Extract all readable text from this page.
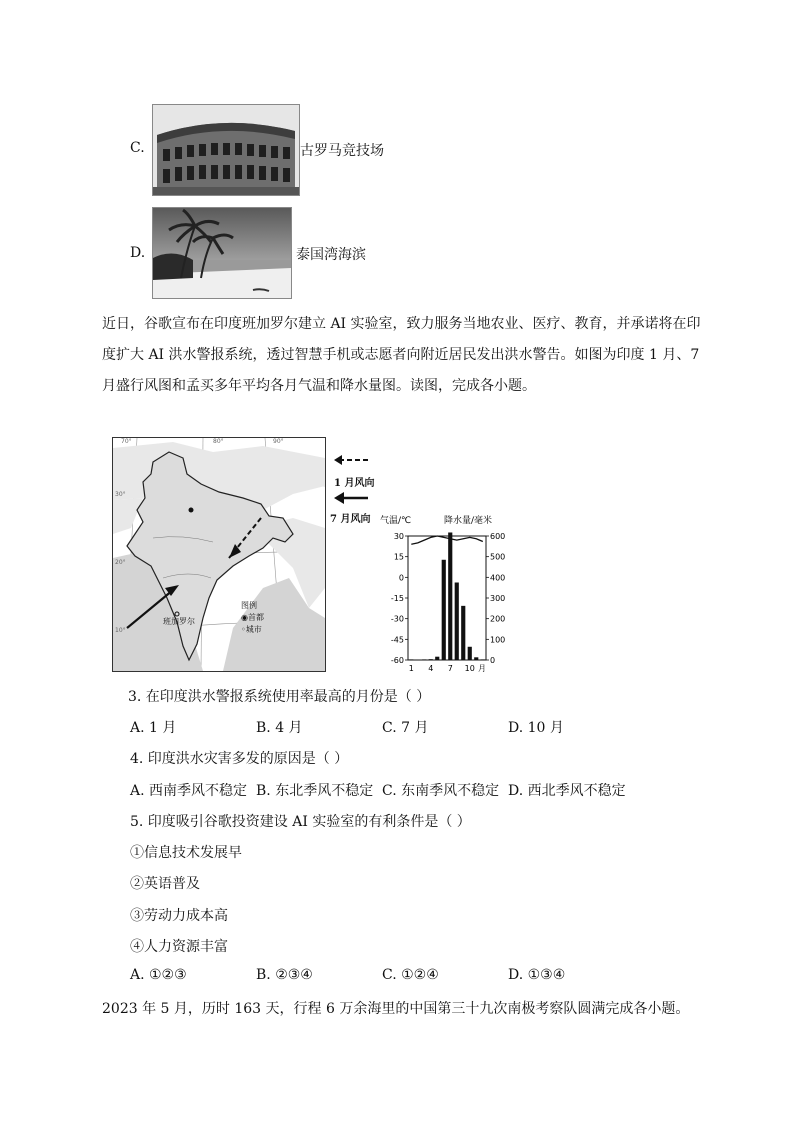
C.	古罗马竞技场
D.	泰国湾海滨
近日，谷歌宣布在印度班加罗尔建立 AI 实验室，致力服务当地农业、医疗、教育，并承诺将在印
度扩大 AI 洪水警报系统，透过智慧手机或志愿者向附近居民发出洪水警告。如图为印度 1 月、7
月盛行风图和孟买多年平均各月气温和降水量图。读图，完成各小题。
70°	80°	90°
30°
20°
10°
班加罗尔
图例
◉首都
◦城市
1 月风向
7 月风向 气温/℃	降水量/毫米
30
15
0
-15
-30
-45
-60
600
500
400
300
200
100
0
1 4 7 10 月
3. 在印度洪水警报系统使用率最高的月份是（ ）
A. 1 月	B. 4 月	C. 7 月	D. 10 月
4. 印度洪水灾害多发的原因是（ ）
A. 西南季风不稳定 B. 东北季风不稳定 C. 东南季风不稳定 D. 西北季风不稳定
5. 印度吸引谷歌投资建设 AI 实验室的有利条件是（ ）
①信息技术发展早
②英语普及
③劳动力成本高
④人力资源丰富
A. ①②③	B. ②③④	C. ①②④	D. ①③④
2023 年 5 月，历时 163 天，行程 6 万余海里的中国第三十九次南极考察队圆满完成各小题。
